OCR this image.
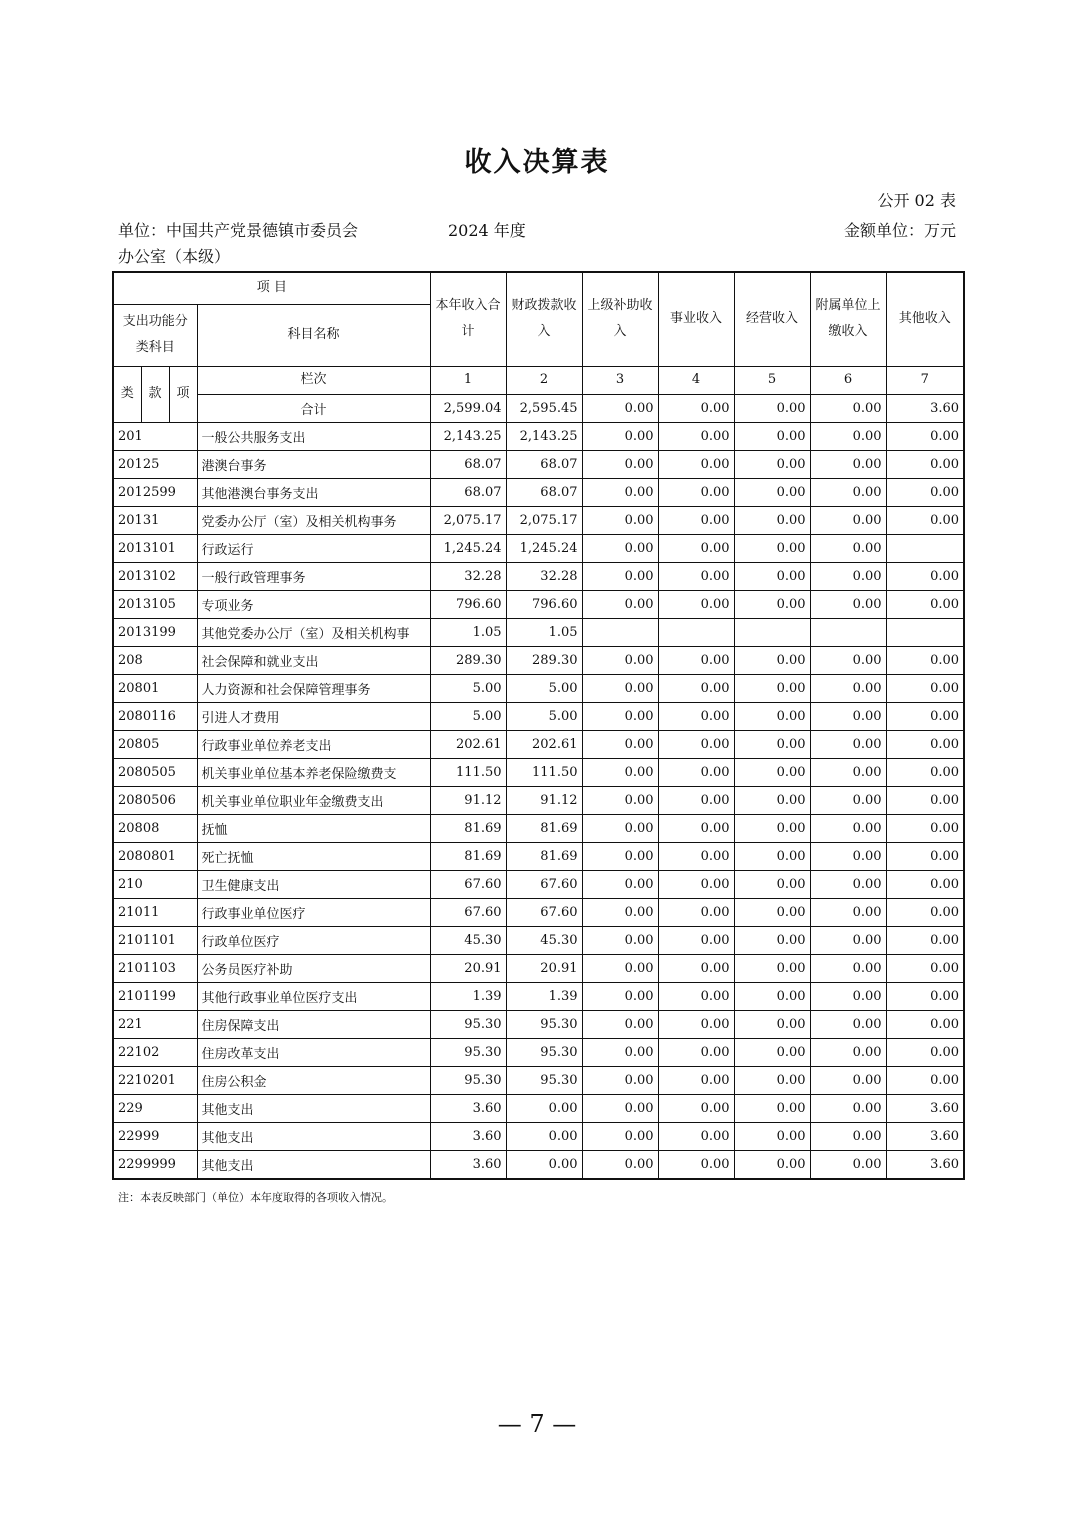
收入决算表
公开 02 表
单位：中国共产党景德镇市委员会
办公室（本级）
2024 年度	金额单位：万元
项 目				本年收入合计	财政拨款收入	上级补助收入	事业收入	经营收入	附属单位上缴收入	其他收入
支出功能分类科目			科目名称							
类	款	项	栏次	1	2	3	4	5	6	7
			合计	2,599.04	2,595.45	0.00	0.00	0.00	0.00	3.60
201			一般公共服务支出	2,143.25	2,143.25	0.00	0.00	0.00	0.00	0.00
20125			港澳台事务	68.07	68.07	0.00	0.00	0.00	0.00	0.00
2012599			其他港澳台事务支出	68.07	68.07	0.00	0.00	0.00	0.00	0.00
20131			党委办公厅（室）及相关机构事务	2,075.17	2,075.17	0.00	0.00	0.00	0.00	0.00
2013101			行政运行	1,245.24	1,245.24	0.00	0.00	0.00	0.00	
2013102			一般行政管理事务	32.28	32.28	0.00	0.00	0.00	0.00	0.00
2013105			专项业务	796.60	796.60	0.00	0.00	0.00	0.00	0.00
2013199			其他党委办公厅（室）及相关机构事	1.05	1.05					
208			社会保障和就业支出	289.30	289.30	0.00	0.00	0.00	0.00	0.00
20801			人力资源和社会保障管理事务	5.00	5.00	0.00	0.00	0.00	0.00	0.00
2080116			引进人才费用	5.00	5.00	0.00	0.00	0.00	0.00	0.00
20805			行政事业单位养老支出	202.61	202.61	0.00	0.00	0.00	0.00	0.00
2080505			机关事业单位基本养老保险缴费支	111.50	111.50	0.00	0.00	0.00	0.00	0.00
2080506			机关事业单位职业年金缴费支出	91.12	91.12	0.00	0.00	0.00	0.00	0.00
20808			抚恤	81.69	81.69	0.00	0.00	0.00	0.00	0.00
2080801			死亡抚恤	81.69	81.69	0.00	0.00	0.00	0.00	0.00
210			卫生健康支出	67.60	67.60	0.00	0.00	0.00	0.00	0.00
21011			行政事业单位医疗	67.60	67.60	0.00	0.00	0.00	0.00	0.00
2101101			行政单位医疗	45.30	45.30	0.00	0.00	0.00	0.00	0.00
2101103			公务员医疗补助	20.91	20.91	0.00	0.00	0.00	0.00	0.00
2101199			其他行政事业单位医疗支出	1.39	1.39	0.00	0.00	0.00	0.00	0.00
221			住房保障支出	95.30	95.30	0.00	0.00	0.00	0.00	0.00
22102			住房改革支出	95.30	95.30	0.00	0.00	0.00	0.00	0.00
2210201			住房公积金	95.30	95.30	0.00	0.00	0.00	0.00	0.00
229			其他支出	3.60	0.00	0.00	0.00	0.00	0.00	3.60
22999			其他支出	3.60	0.00	0.00	0.00	0.00	0.00	3.60
2299999			其他支出	3.60	0.00	0.00	0.00	0.00	0.00	3.60
注：本表反映部门（单位）本年度取得的各项收入情况。
— 7 —
